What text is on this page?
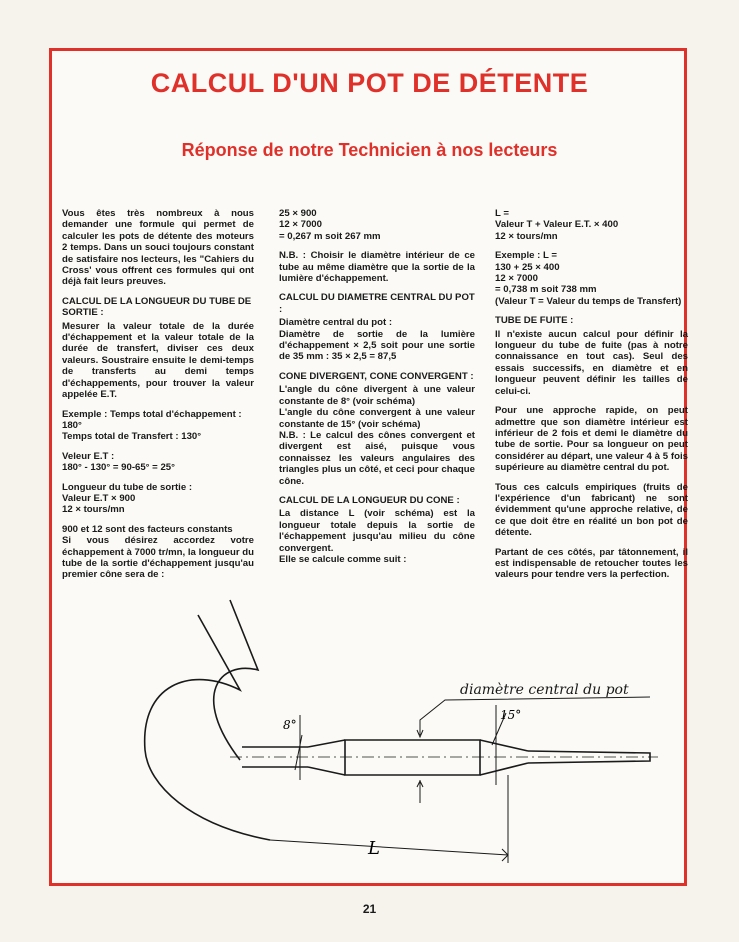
CALCUL D'UN POT DE DÉTENTE
Réponse de notre Technicien à nos lecteurs

Vous êtes très nombreux à nous demander une formule qui permet de calculer les pots de détente des moteurs 2 temps. Dans un souci toujours constant de satisfaire nos lecteurs, les "Cahiers du Cross' vous offrent ces formules qui ont déjà fait leurs preuves.

CALCUL DE LA LONGUEUR DU TUBE DE SORTIE :

Mesurer la valeur totale de la durée d'échappement et la valeur totale de la durée de transfert, diviser ces deux valeurs. Soustraire ensuite le demi-temps de transferts au demi temps d'échappements, pour trouver la valeur appelée E.T.

Exemple : Temps total d'échappement : 180°
Temps total de Transfert : 130°

Veleur E.T :
180° - 130° = 90-65° = 25°

Longueur du tube de sortie :
Valeur E.T × 900
12 × tours/mn

900 et 12 sont des facteurs constants
Si vous désirez accordez votre échappement à 7000 tr/mn, la longueur du tube de la sortie d'échappement jusqu'au premier cône sera de :

25 × 900
12 × 7000
= 0,267 m soit 267 mm

N.B. : Choisir le diamètre intérieur de ce tube au même diamètre que la sortie de la lumière d'échappement.

CALCUL DU DIAMETRE CENTRAL DU POT :

Diamètre central du pot :
Diamètre de sortie de la lumière d'échappement × 2,5 soit pour une sortie de 35 mm : 35 × 2,5 = 87,5

CONE DIVERGENT, CONE CONVERGENT :

L'angle du cône divergent à une valeur constante de 8° (voir schéma)
L'angle du cône convergent à une valeur constante de 15° (voir schéma)
N.B. : Le calcul des cônes convergent et divergent est aisé, puisque vous connaissez les valeurs angulaires des triangles plus un côté, et ceci pour chaque cône.

CALCUL DE LA LONGUEUR DU CONE :

La distance L (voir schéma) est la longueur totale depuis la sortie de l'échappement jusqu'au milieu du cône convergent.
Elle se calcule comme suit :

L =
Valeur T + Valeur E.T. × 400
12 × tours/mn

Exemple : L =
130 + 25 × 400
12 × 7000
= 0,738 m soit 738 mm
(Valeur T = Valeur du temps de Transfert)

TUBE DE FUITE :

Il n'existe aucun calcul pour définir la longueur du tube de fuite (pas à notre connaissance en tout cas). Seul des essais successifs, en diamètre et en longueur peuvent définir les tailles de celui-ci.

Pour une approche rapide, on peut admettre que son diamètre intérieur est inférieur de 2 fois et demi le diamètre du tube de sortie. Pour sa longueur on peut considérer au départ, une valeur 4 à 5 fois supérieure au diamètre central du pot.

Tous ces calculs empiriques (fruits de l'expérience d'un fabricant) ne sont évidemment qu'une approche relative, de ce que doit être en réalité un bon pot de détente.

Partant de ces côtés, par tâtonnement, il est indispensable de retoucher toutes les valeurs pour tendre vers la perfection.

diamètre central du pot
8°
15°
L
21
